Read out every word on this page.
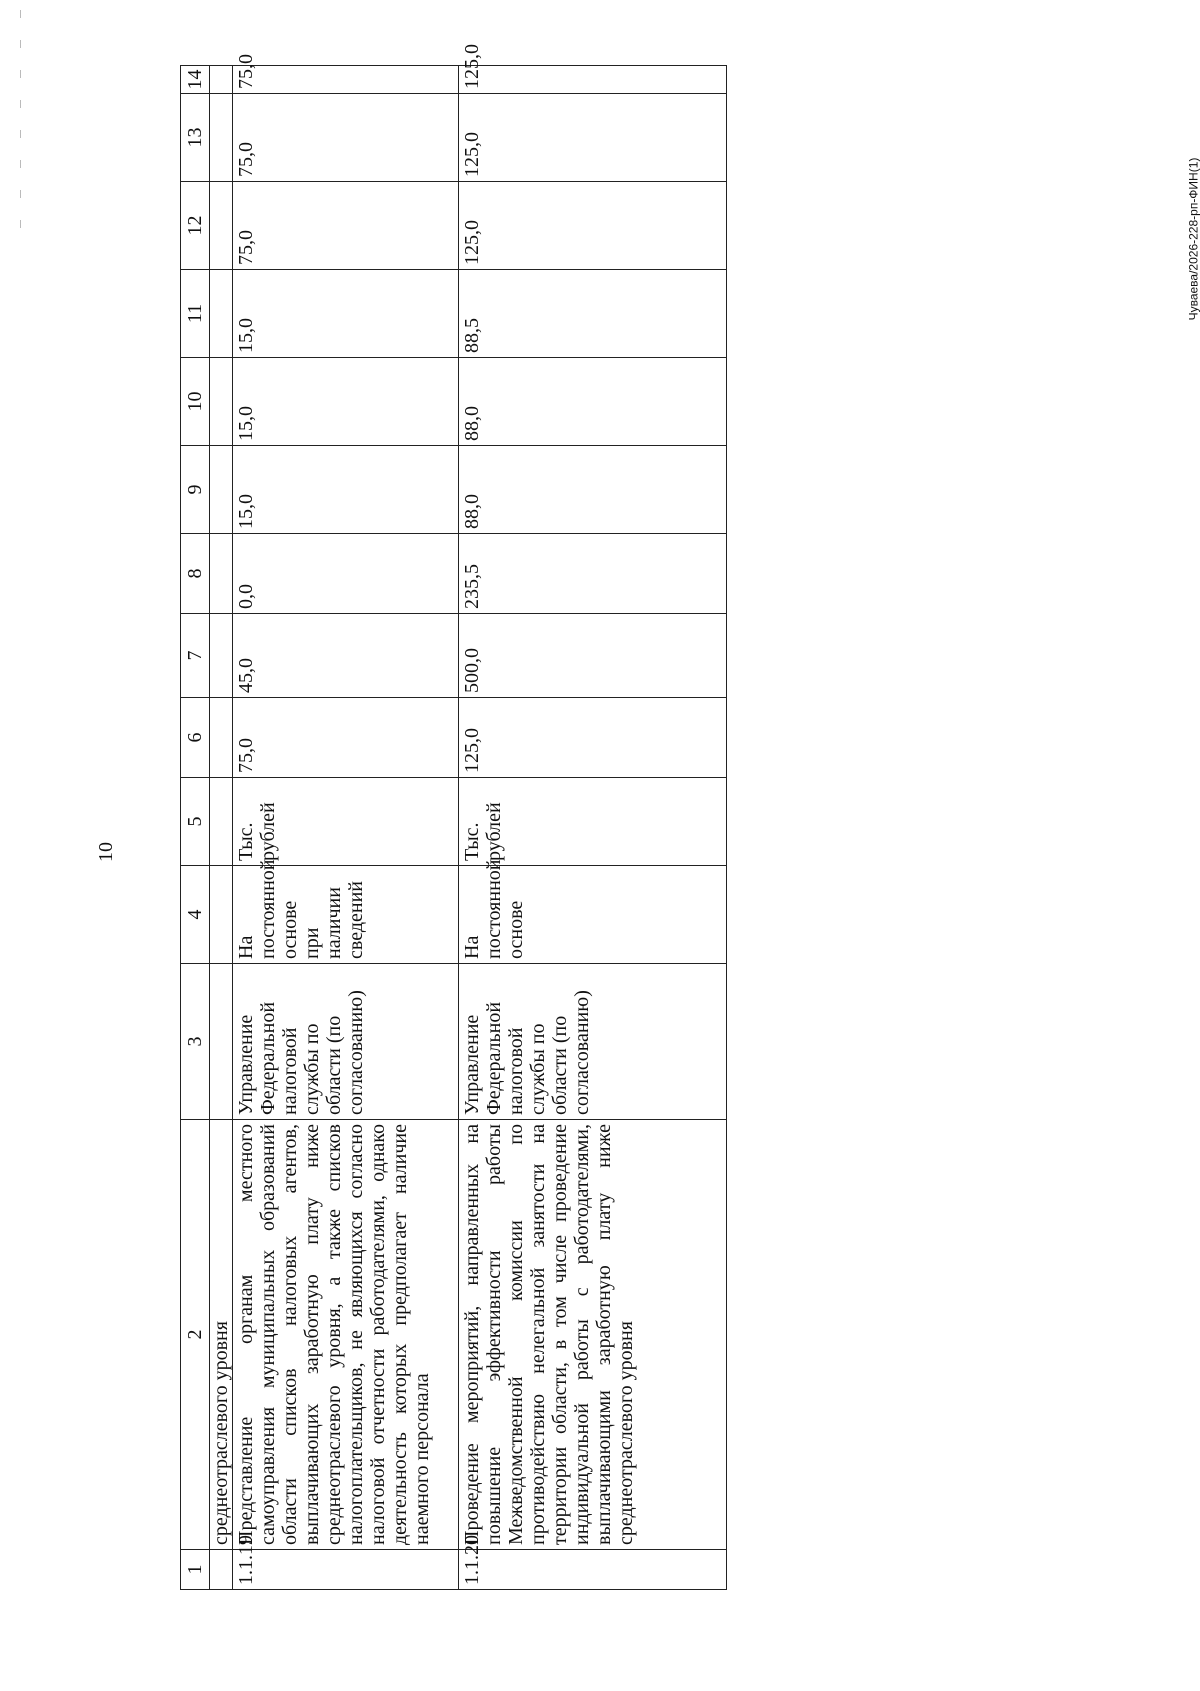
10
Чуваева/2026-228-рп-ФИН(1)
1	2	3	4	5	6	7	8	9	10	11	12	13	14
	среднеотраслевого уровня												
1.1.19	Представление органам местного самоуправления муниципальных образований области списков налоговых агентов, выплачивающих заработную плату ниже среднеотраслевого уровня, а также списков налогоплательщиков, не являющихся согласно налоговой отчетности работодателями, однако деятельность которых предполагает наличие наемного персонала	Управление Федеральной налоговой службы по области (по согласованию)	На постоянной основе при наличии сведений	Тыс. рублей	75,0	45,0	0,0	15,0	15,0	15,0	75,0	75,0	75,0
1.1.20	Проведение мероприятий, направленных на повышение эффективности работы Межведомственной комиссии по противодействию нелегальной занятости на территории области, в том числе проведение индивидуальной работы с работодателями, выплачивающими заработную плату ниже среднеотраслевого уровня	Управление Федеральной налоговой службы по области (по согласованию)	На постоянной основе	Тыс. рублей	125,0	500,0	235,5	88,0	88,0	88,5	125,0	125,0	125,0
